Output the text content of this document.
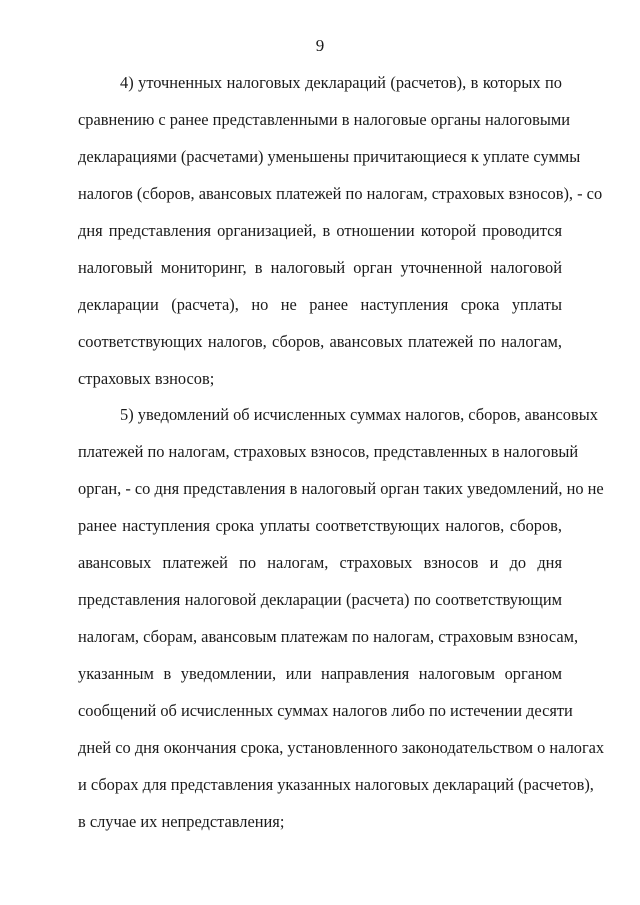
9

4) уточненных налоговых деклараций (расчетов), в которых по
сравнению с ранее представленными в налоговые органы налоговыми
декларациями (расчетами) уменьшены причитающиеся к уплате суммы
налогов (сборов, авансовых платежей по налогам, страховых взносов), - со
дня представления организацией, в отношении которой проводится
налоговый мониторинг, в налоговый орган уточненной налоговой
декларации (расчета), но не ранее наступления срока уплаты
соответствующих налогов, сборов, авансовых платежей по налогам,
страховых взносов;

5) уведомлений об исчисленных суммах налогов, сборов, авансовых
платежей по налогам, страховых взносов, представленных в налоговый
орган, - со дня представления в налоговый орган таких уведомлений, но не
ранее наступления срока уплаты соответствующих налогов, сборов,
авансовых платежей по налогам, страховых взносов и до дня
представления налоговой декларации (расчета) по соответствующим
налогам, сборам, авансовым платежам по налогам, страховым взносам,
указанным в уведомлении, или направления налоговым органом
сообщений об исчисленных суммах налогов либо по истечении десяти
дней со дня окончания срока, установленного законодательством о налогах
и сборах для представления указанных налоговых деклараций (расчетов),
в случае их непредставления;
